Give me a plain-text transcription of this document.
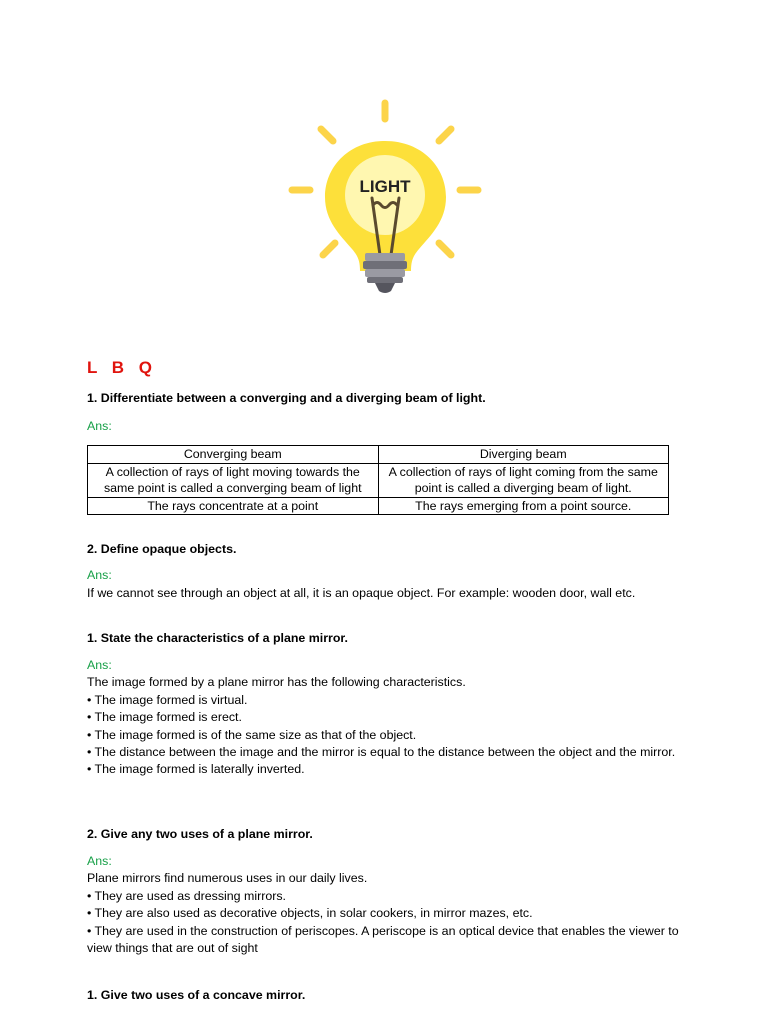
LIGHT
L B Q
1. Differentiate between a converging and a diverging beam of light.
Ans:
Converging beam	Diverging beam
A collection of rays of light moving towards the same point is called a converging beam of light	A collection of rays of light coming from the same point is called a diverging beam of light.
The rays concentrate at a point	The rays emerging from a point source.
2. Define opaque objects.
Ans:
If we cannot see through an object at all, it is an opaque object. For example: wooden door, wall etc.
1. State the characteristics of a plane mirror.
Ans:
The image formed by a plane mirror has the following characteristics.
• The image formed is virtual.
• The image formed is erect.
• The image formed is of the same size as that of the object.
• The distance between the image and the mirror is equal to the distance between the object and the mirror.
• The image formed is laterally inverted.
2. Give any two uses of a plane mirror.
Ans:
Plane mirrors find numerous uses in our daily lives.
• They are used as dressing mirrors.
• They are also used as decorative objects, in solar cookers, in mirror mazes, etc.
• They are used in the construction of periscopes. A periscope is an optical device that enables the viewer to view things that are out of sight
1. Give two uses of a concave mirror.
